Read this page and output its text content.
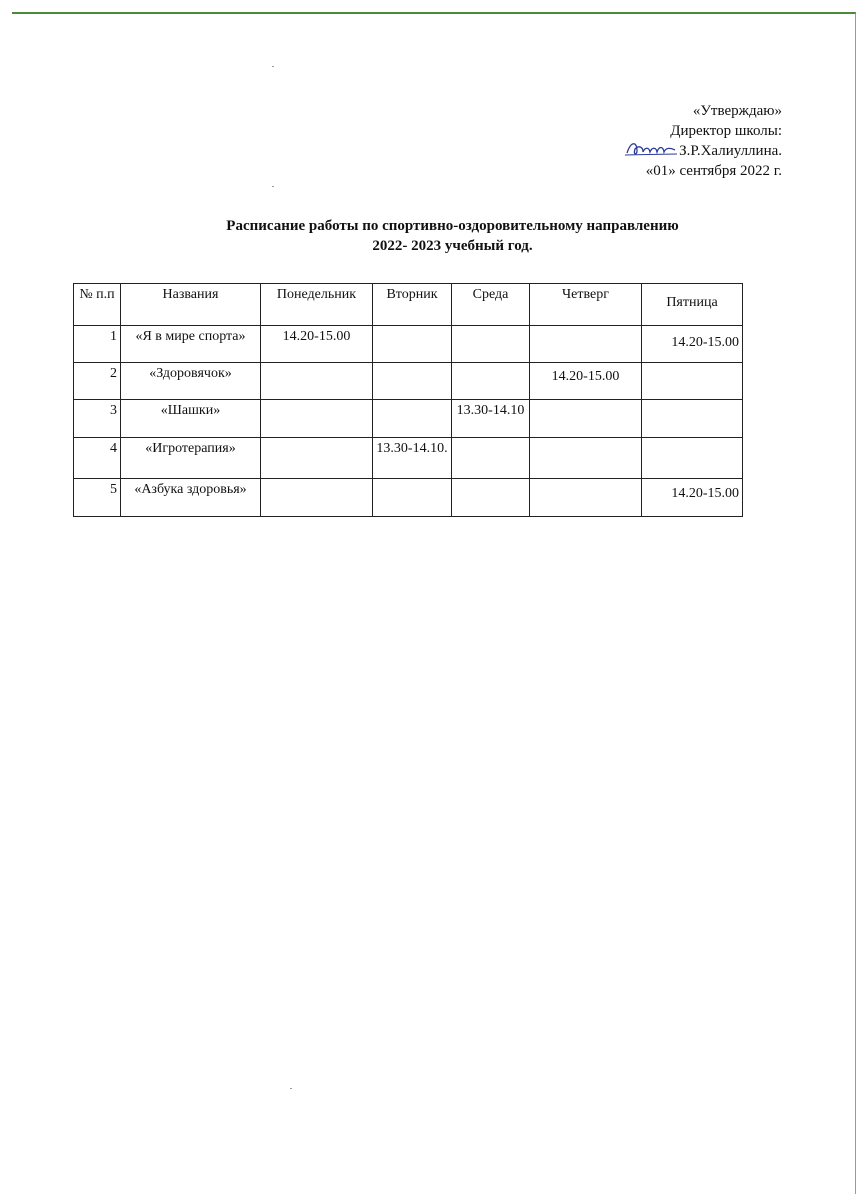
«Утверждаю»
Директор школы:
З.Р.Халиуллина.
«01» сентября 2022 г.
Расписание работы по спортивно-оздоровительному направлению
2022- 2023 учебный год.
№ п.п	Названия	Понедельник	Вторник	Среда	Четверг	Пятница
1	«Я в мире спорта»	14.20-15.00				14.20-15.00
2	«Здоровячок»				14.20-15.00	
3	«Шашки»			13.30-14.10		
4	«Игротерапия»		13.30-14.10.			
5	«Азбука здоровья»					14.20-15.00
